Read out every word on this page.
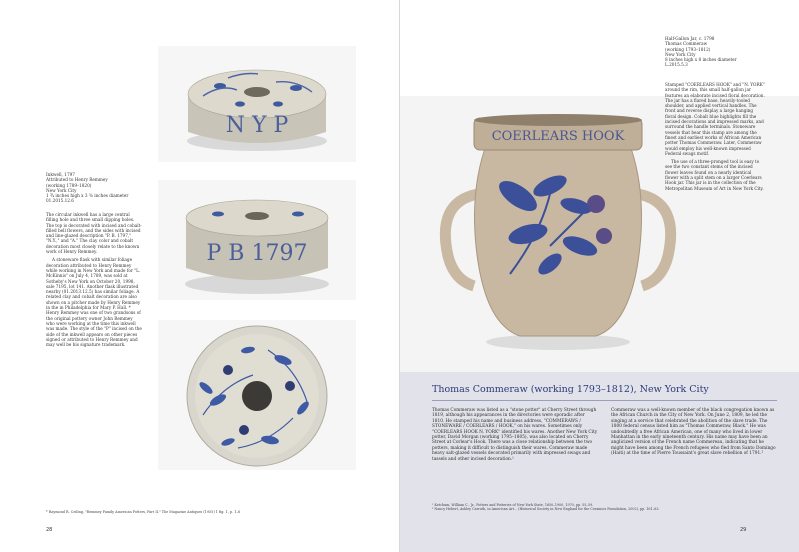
N Y P
P B 1797
Inkwell, 1797
Attributed to Henry Remmey
(working 1789–1820)
New York City
1 ¾ inches high x 3 ⅜ inches diameter
01.2015.12.6

The circular inkwell has a large central filling hole and three small dipping holes. The top is decorated with incised and cobalt-filled bell flowers, and the sides with incised and line-glazed description "P. B. 1797," "N.Y.," and "A." The clay color and cobalt decoration most closely relate to the known work of Henry Remmey.

A stoneware flask with similar foliage decoration attributed to Henry Remmey while working in New York and made for "L. McKinnis" on July 4, 1789, was sold at Sotheby's New York on October 20, 1998, sale 7195, lot 141. Another flask illustrated nearby (01.2013.12.5) has similar foliage. A related clay and cobalt decoration are also shown on a pitcher made by Henry Remmey in the in Philadelphia for Mary P. Hall. * Henry Remmey was one of two grandsons of the original pottery owner John Remmey who were working at the time this inkwell was made. The style of the "P" incised on the side of the inkwell appears on other pieces signed or attributed to Henry Remmey and may well be his signature trademark.

* Raymond R. Ceiling, "Remmey Family American Potters, Part II," The Magazine Antiques (1955) 1 fig. 1, p. 1–6
28
COERLEARS HOOK
Half-Gallon Jar, c. 1798
Thomas Commeraw
(working 1793–1812)
New York City
8 inches high x 8 inches diameter
L.2015.5.3

Stamped "COERLEARS HOOK" and "N. YORK" around the rim, this small half-gallon jar features an elaborate incised floral decoration. The jar has a flared base, heavily-tooled shoulder, and applied vertical handles. The front and reverse display a large hanging floral design. Cobalt blue highlights fill the incised decorations and impressed marks, and surround the handle terminals. Stoneware vessels that bear this stamp are among the finest and earliest works of African American potter Thomas Commeraw. Later, Commeraw would employ his well-known impressed Federal swags motif.

The use of a three-pronged tool is easy to see the two constant stems of the incised flower leaves found on a nearly identical flower with a split stem on a larger Coerlears Hook jar. This jar is in the collection of the Metropolitan Museum of Art in New York City.

Thomas Commeraw (working 1793–1812), New York City

Thomas Commeraw was listed as a "stone potter" at Cherry Street through 1819, although his appearances in the directories were sporadic after 1810. He stamped his name and business address, "COMMERAWS / STONEWARE / COERLEARS / HOOK," on his wares. Sometimes only "COERLEARS HOOK N. YORK" identified his wares. Another New York City potter, David Morgan (working 1795–1805), was also located on Cherry Street at Corlear's Hook. There was a close relationship between the two potters, making it difficult to distinguish their wares. Commeraw made heavy salt-glazed vessels decorated primarily with impressed swags and tassels and other incised decoration.¹

Commeraw was a well-known member of the black congregation known as the African Church in the City of New York. On June 2, 1809, he led the singing at a service that celebrated the abolition of the slave trade. The 1800 federal census listed him as "Thomas Commeraw, Black." He was undoubtedly a free African American, one of many who lived in lower Manhattan in the early nineteenth century. His name may have been an anglicized version of the French name Commereau, indicating that he might have been among the French refugees who fled from Santo Domingo (Haiti) at the time of Pierre Toussaint's great slave rebellion of 1791.²

¹ Ketchum, William C., Jr., Potters and Potteries of New York State, 1650–1900, 1970, pp. 55–59.
² Nancy Hebert, Ashley Carruth, in American Art... (Historical Society in New England for the Ceramics Foundation, 2002), pp. 161–63.
29
